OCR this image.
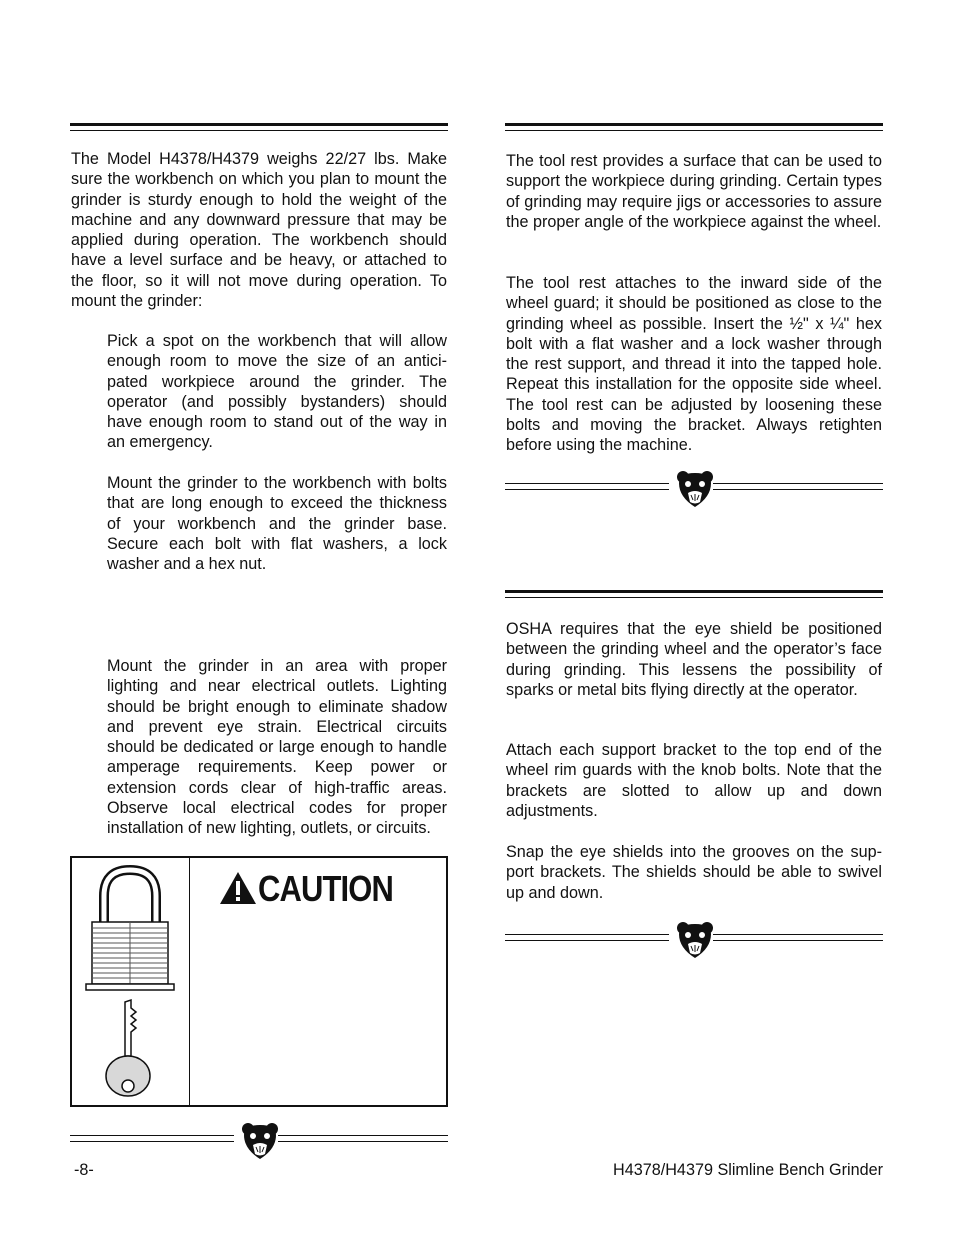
The Model H4378/H4379 weighs 22/27 lbs. Make sure the workbench on which you plan to mount the grinder is sturdy enough to hold the weight of the machine and any downward pressure that may be applied during operation. The workbench should have a level surface and be heavy, or attached to the floor, so it will not move during operation. To mount the grinder:

Pick a spot on the workbench that will allow enough room to move the size of an anticipated workpiece around the grinder. The operator (and possibly bystanders) should have enough room to stand out of the way in an emergency.

Mount the grinder to the workbench with bolts that are long enough to exceed the thickness of your workbench and the grinder base. Secure each bolt with flat washers, a lock washer and a hex nut.

Mount the grinder in an area with proper lighting and near electrical outlets. Lighting should be bright enough to eliminate shadow and prevent eye strain. Electrical circuits should be dedicated or large enough to handle amperage requirements. Keep power or extension cords clear of high-traffic areas. Observe local electrical codes for proper installation of new lighting, outlets, or circuits.

CAUTION

The tool rest provides a surface that can be used to support the workpiece during grinding. Certain types of grinding may require jigs or accessories to assure the proper angle of the workpiece against the wheel.

The tool rest attaches to the inward side of the wheel guard; it should be positioned as close to the grinding wheel as possible. Insert the ½" x ¼" hex bolt with a flat washer and a lock washer through the rest support, and thread it into the tapped hole. Repeat this installation for the opposite side wheel. The tool rest can be adjusted by loosening these bolts and moving the bracket. Always retighten before using the machine.

OSHA requires that the eye shield be positioned between the grinding wheel and the operator’s face during grinding. This lessens the possibility of sparks or metal bits flying directly at the operator.

Attach each support bracket to the top end of the wheel rim guards with the knob bolts. Note that the brackets are slotted to allow up and down adjustments.

Snap the eye shields into the grooves on the support brackets. The shields should be able to swivel up and down.

-8-	H4378/H4379 Slimline Bench Grinder
